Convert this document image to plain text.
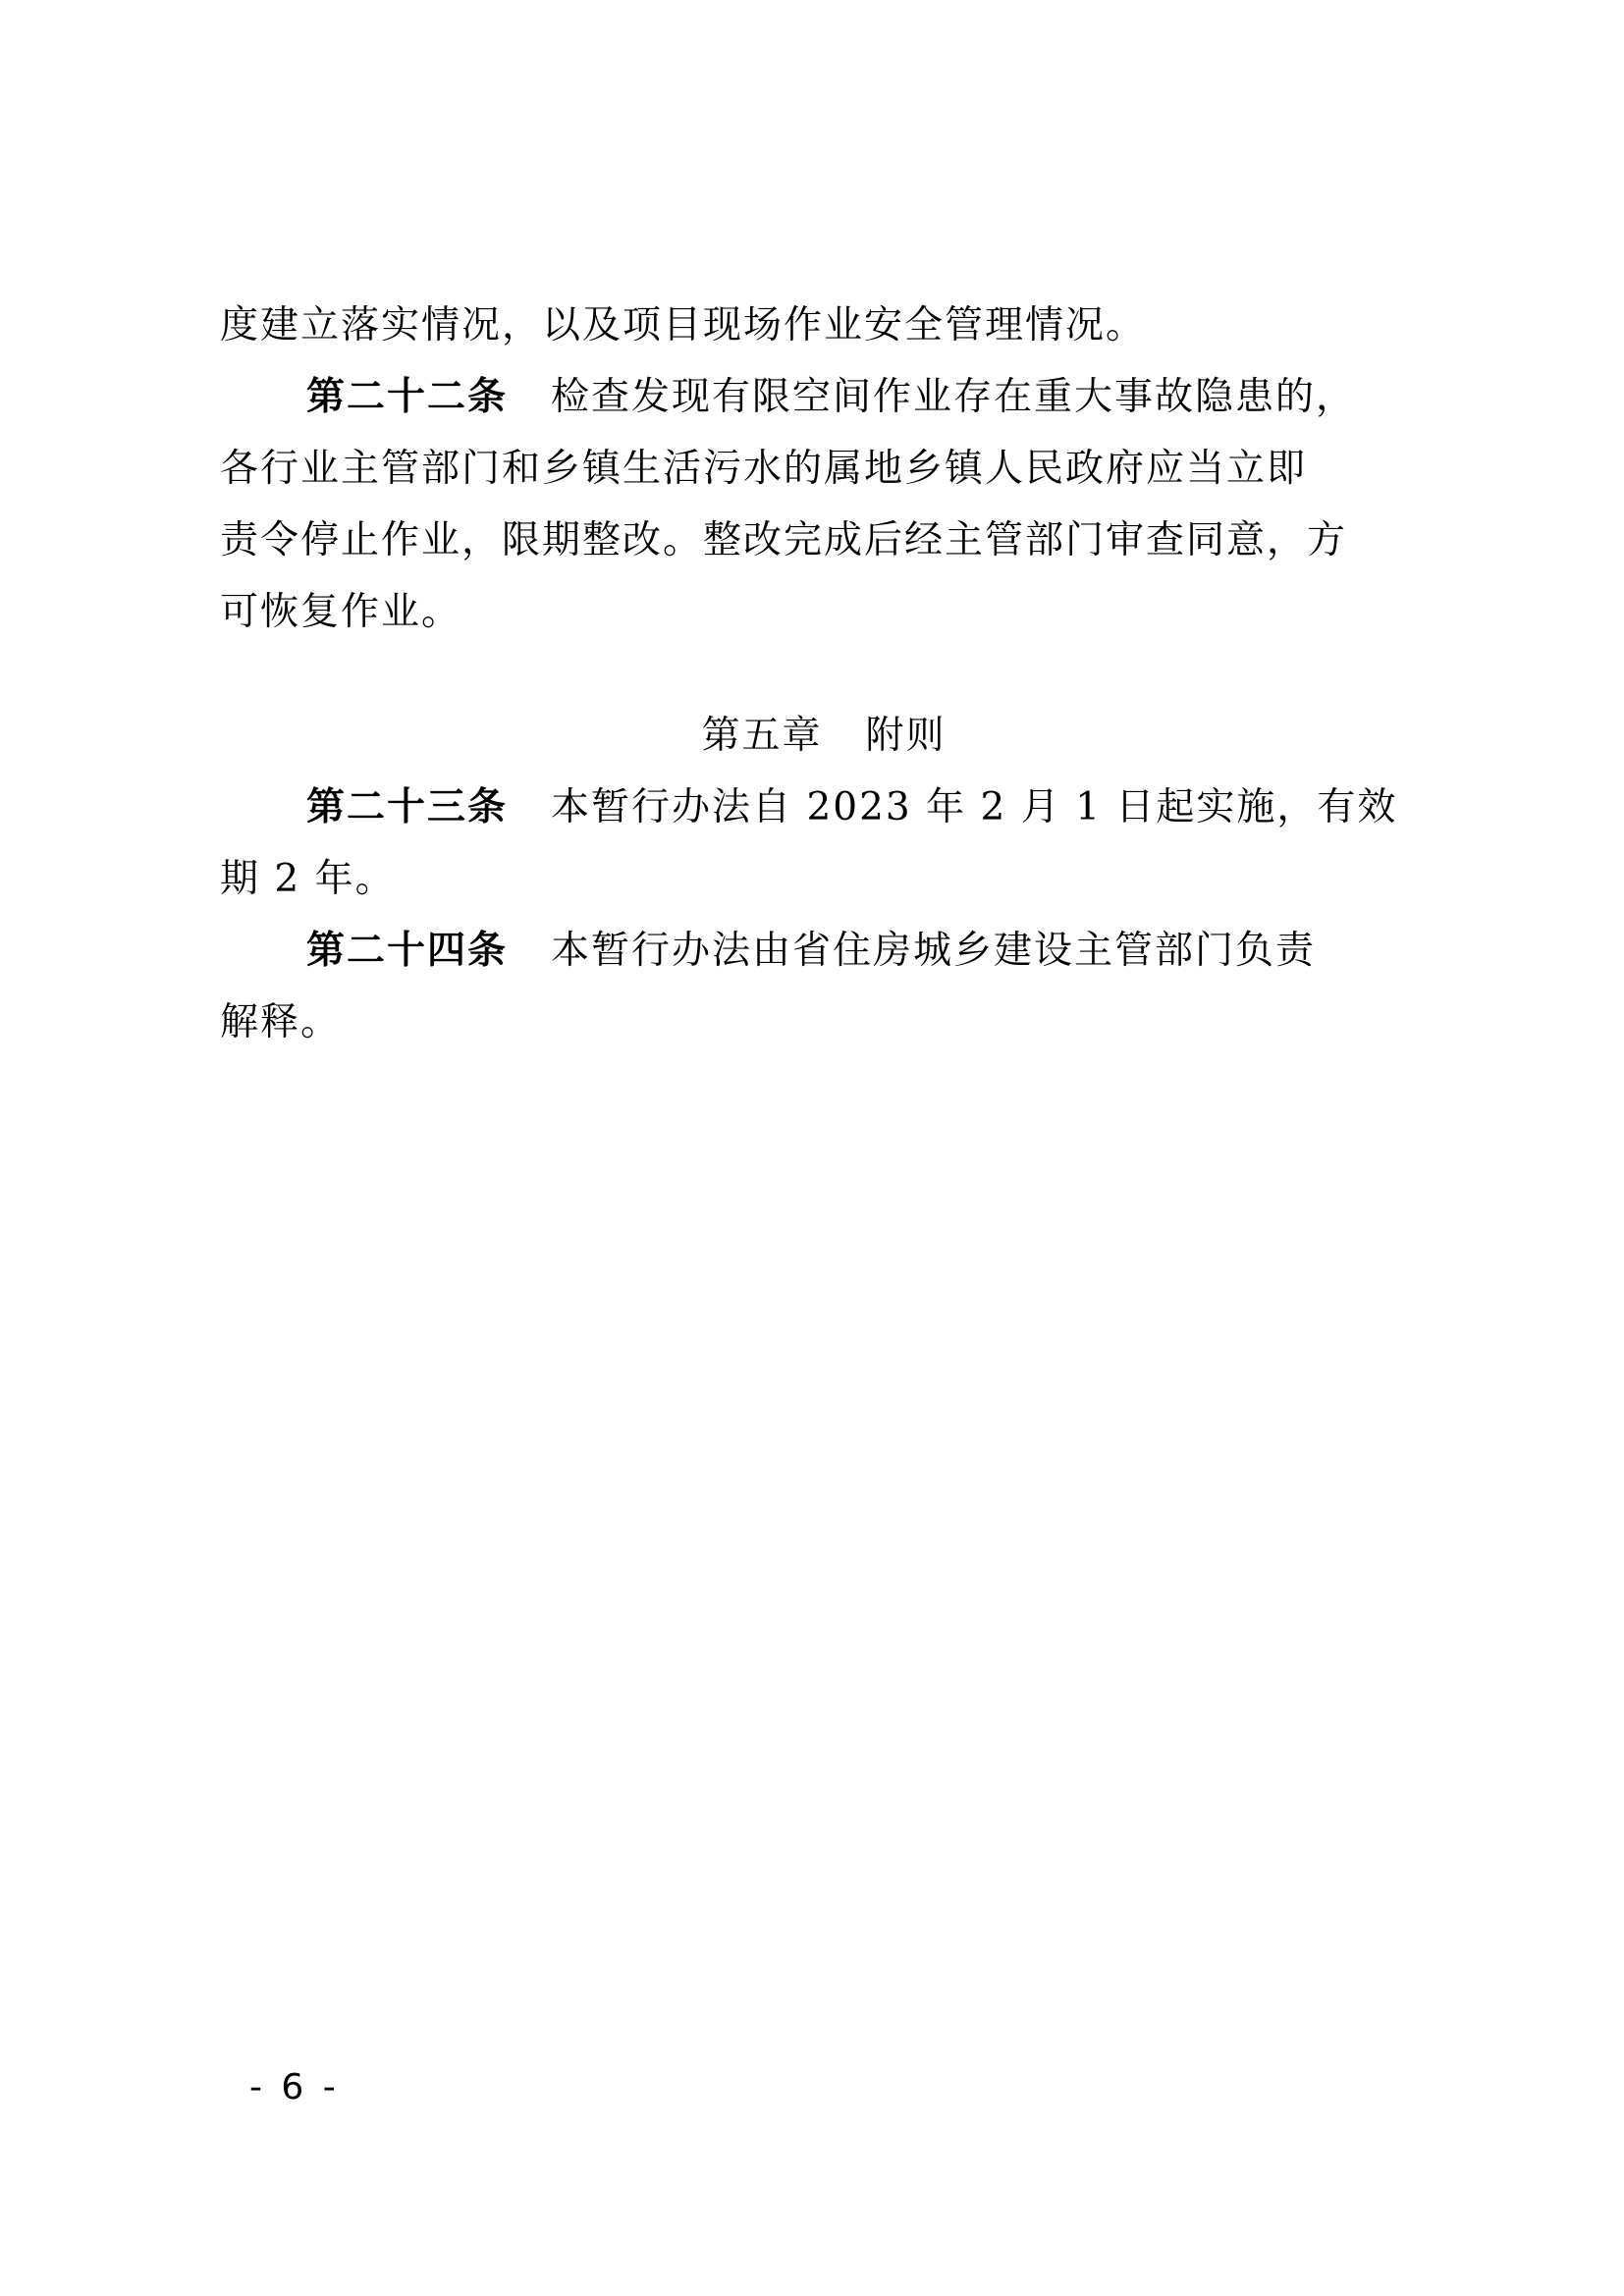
度建立落实情况，以及项目现场作业安全管理情况。
第二十二条 检查发现有限空间作业存在重大事故隐患的，
各行业主管部门和乡镇生活污水的属地乡镇人民政府应当立即
责令停止作业，限期整改。整改完成后经主管部门审查同意，方
可恢复作业。
第五章 附则
第二十三条 本暂行办法自 2023 年 2 月 1 日起实施，有效
期 2 年。
第二十四条 本暂行办法由省住房城乡建设主管部门负责
解释。
- 6 -
